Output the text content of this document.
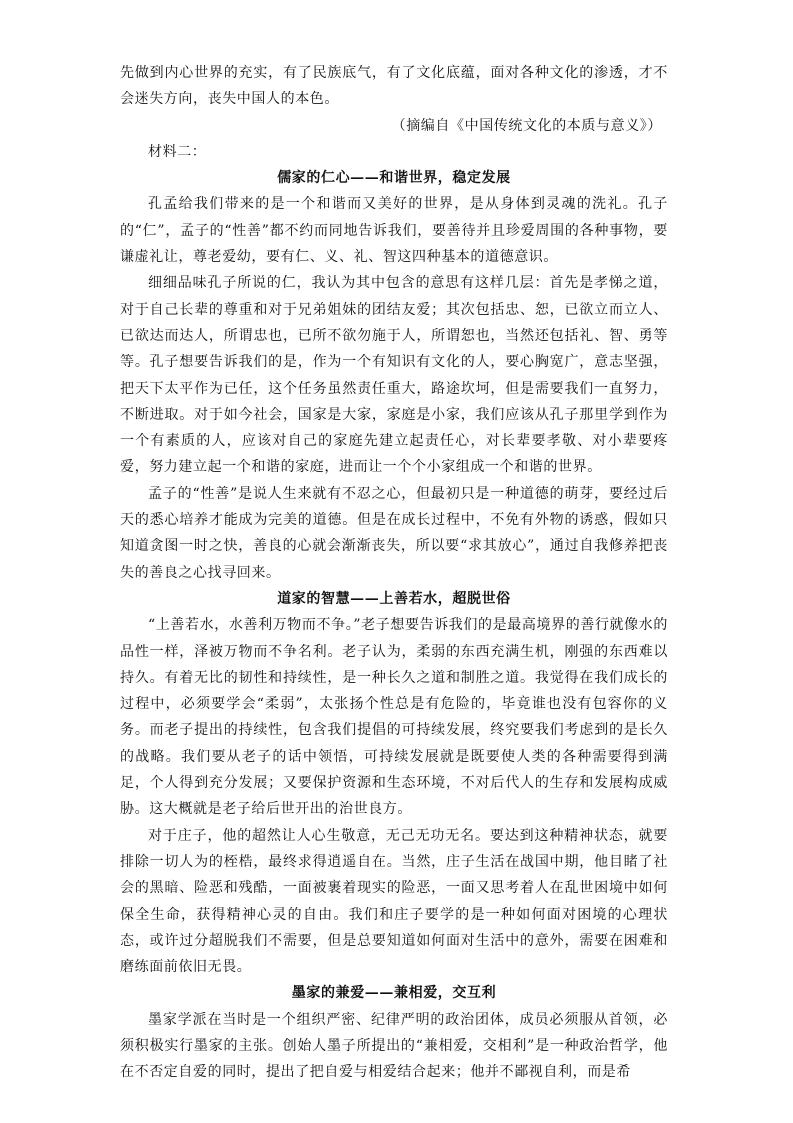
先做到内心世界的充实，有了民族底气，有了文化底蕴，面对各种文化的渗透，才不会迷失方向，丧失中国人的本色。

（摘编自《中国传统文化的本质与意义》）

材料二：

儒家的仁心——和谐世界，稳定发展

孔孟给我们带来的是一个和谐而又美好的世界，是从身体到灵魂的洗礼。孔子的“仁”，孟子的“性善”都不约而同地告诉我们，要善待并且珍爱周围的各种事物，要谦虚礼让，尊老爱幼，要有仁、义、礼、智这四种基本的道德意识。

细细品味孔子所说的仁，我认为其中包含的意思有这样几层：首先是孝悌之道，对于自己长辈的尊重和对于兄弟姐妹的团结友爱；其次包括忠、恕，已欲立而立人、已欲达而达人，所谓忠也，已所不欲勿施于人，所谓恕也，当然还包括礼、智、勇等等。孔子想要告诉我们的是，作为一个有知识有文化的人，要心胸宽广，意志坚强，把天下太平作为已任，这个任务虽然责任重大，路途坎坷，但是需要我们一直努力，不断进取。对于如今社会，国家是大家，家庭是小家，我们应该从孔子那里学到作为一个有素质的人，应该对自己的家庭先建立起责任心，对长辈要孝敬、对小辈要疼爱，努力建立起一个和谐的家庭，进而让一个个小家组成一个和谐的世界。

孟子的“性善”是说人生来就有不忍之心，但最初只是一种道德的萌芽，要经过后天的悉心培养才能成为完美的道德。但是在成长过程中，不免有外物的诱惑，假如只知道贪图一时之快，善良的心就会渐渐丧失，所以要“求其放心”，通过自我修养把丧失的善良之心找寻回来。

道家的智慧——上善若水，超脱世俗

“上善若水，水善利万物而不争。”老子想要告诉我们的是最高境界的善行就像水的品性一样，泽被万物而不争名利。老子认为，柔弱的东西充满生机，刚强的东西难以持久。有着无比的韧性和持续性，是一种长久之道和制胜之道。我觉得在我们成长的过程中，必须要学会“柔弱”，太张扬个性总是有危险的，毕竟谁也没有包容你的义务。而老子提出的持续性，包含我们提倡的可持续发展，终究要我们考虑到的是长久的战略。我们要从老子的话中领悟，可持续发展就是既要使人类的各种需要得到满足，个人得到充分发展；又要保护资源和生态环境，不对后代人的生存和发展构成威胁。这大概就是老子给后世开出的治世良方。

对于庄子，他的超然让人心生敬意，无己无功无名。要达到这种精神状态，就要排除一切人为的桎梏，最终求得逍遥自在。当然，庄子生活在战国中期，他目睹了社会的黑暗、险恶和残酷，一面被裹着现实的险恶，一面又思考着人在乱世困境中如何保全生命，获得精神心灵的自由。我们和庄子要学的是一种如何面对困境的心理状态，或许过分超脱我们不需要，但是总要知道如何面对生活中的意外，需要在困难和磨练面前依旧无畏。

墨家的兼爱——兼相爱，交互利

墨家学派在当时是一个组织严密、纪律严明的政治团体，成员必须服从首领，必须积极实行墨家的主张。创始人墨子所提出的“兼相爱，交相利”是一种政治哲学，他在不否定自爱的同时，提出了把自爱与相爱结合起来；他并不鄙视自利，而是希
